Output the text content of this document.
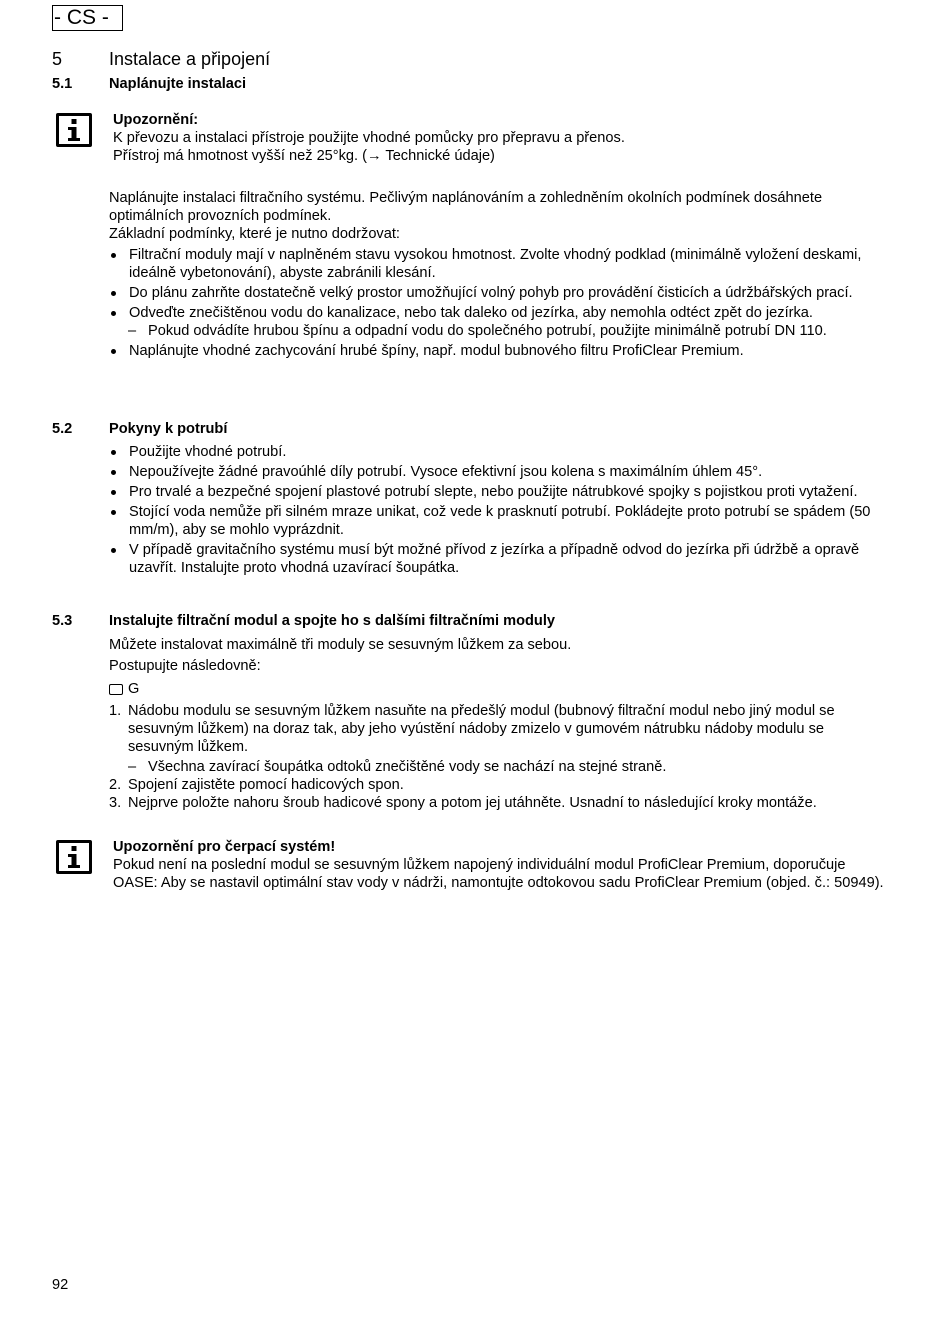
- CS -
5	Instalace a připojení
5.1	Naplánujte instalaci
Upozornění:
K převozu a instalaci přístroje použijte vhodné pomůcky pro přepravu a přenos.
Přístroj má hmotnost vyšší než 25°kg. (→ Technické údaje)

Naplánujte instalaci filtračního systému. Pečlivým naplánováním a zohledněním okolních podmínek dosáhnete optimálních provozních podmínek.

Základní podmínky, které je nutno dodržovat:

Filtrační moduly mají v naplněném stavu vysokou hmotnost. Zvolte vhodný podklad (minimálně vyložení deskami, ideálně vybetonování), abyste zabránili klesání.
Do plánu zahrňte dostatečně velký prostor umožňující volný pohyb pro provádění čisticích a údržbářských prací.
Odveďte znečištěnou vodu do kanalizace, nebo tak daleko od jezírka, aby nemohla odtéct zpět do jezírka.
– Pokud odvádíte hrubou špínu a odpadní vodu do společného potrubí, použijte minimálně potrubí DN 110.
Naplánujte vhodné zachycování hrubé špíny, např. modul bubnového filtru ProfiClear Premium.
5.2	Pokyny k potrubí
Použijte vhodné potrubí.
Nepoužívejte žádné pravoúhlé díly potrubí. Vysoce efektivní jsou kolena s maximálním úhlem 45°.
Pro trvalé a bezpečné spojení plastové potrubí slepte, nebo použijte nátrubkové spojky s pojistkou proti vytažení.
Stojící voda nemůže při silném mraze unikat, což vede k prasknutí potrubí. Pokládejte proto potrubí se spádem (50 mm/m), aby se mohlo vyprázdnit.
V případě gravitačního systému musí být možné přívod z jezírka a případně odvod do jezírka při údržbě a opravě uzavřít. Instalujte proto vhodná uzavírací šoupátka.
5.3	Instalujte filtrační modul a spojte ho s dalšími filtračními moduly

Můžete instalovat maximálně tři moduly se sesuvným lůžkem za sebou.

Postupujte následovně:

G
1. Nádobu modulu se sesuvným lůžkem nasuňte na předešlý modul (bubnový filtrační modul nebo jiný modul se sesuvným lůžkem) na doraz tak, aby jeho vyústění nádoby zmizelo v gumovém nátrubku nádoby modulu se sesuvným lůžkem.
– Všechna zavírací šoupátka odtoků znečištěné vody se nachází na stejné straně.
2. Spojení zajistěte pomocí hadicových spon.
3. Nejprve položte nahoru šroub hadicové spony a potom jej utáhněte. Usnadní to následující kroky montáže.
Upozornění pro čerpací systém!
Pokud není na poslední modul se sesuvným lůžkem napojený individuální modul ProfiClear Premium, doporučuje OASE: Aby se nastavil optimální stav vody v nádrži, namontujte odtokovou sadu ProfiClear Premium (objed. č.: 50949).
92
